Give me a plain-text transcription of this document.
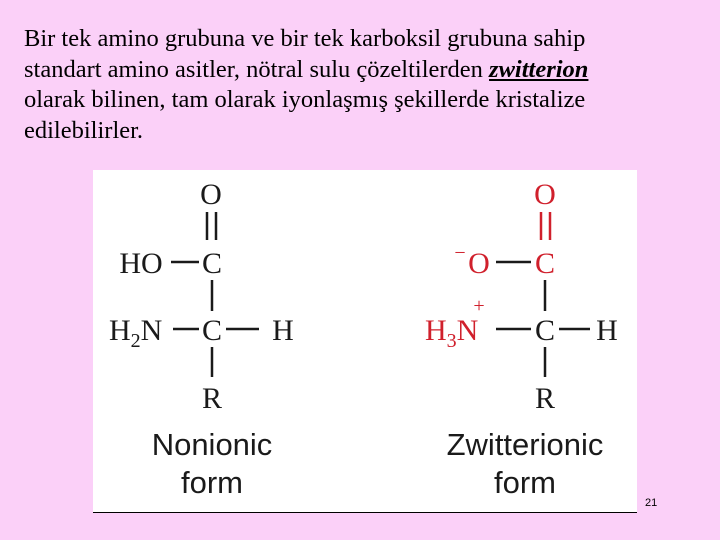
Bir tek amino grubuna ve bir tek karboksil grubuna sahip
standart amino asitler, nötral sulu çözeltilerden zwitterion
olarak bilinen, tam olarak iyonlaşmış şekillerde kristalize
edilebilirler.
O
HO C
$H_2N$ C H
R
Nonionic
form
O
− O C
+
$H_3N$ C H
R
Zwitterionic
form
21
